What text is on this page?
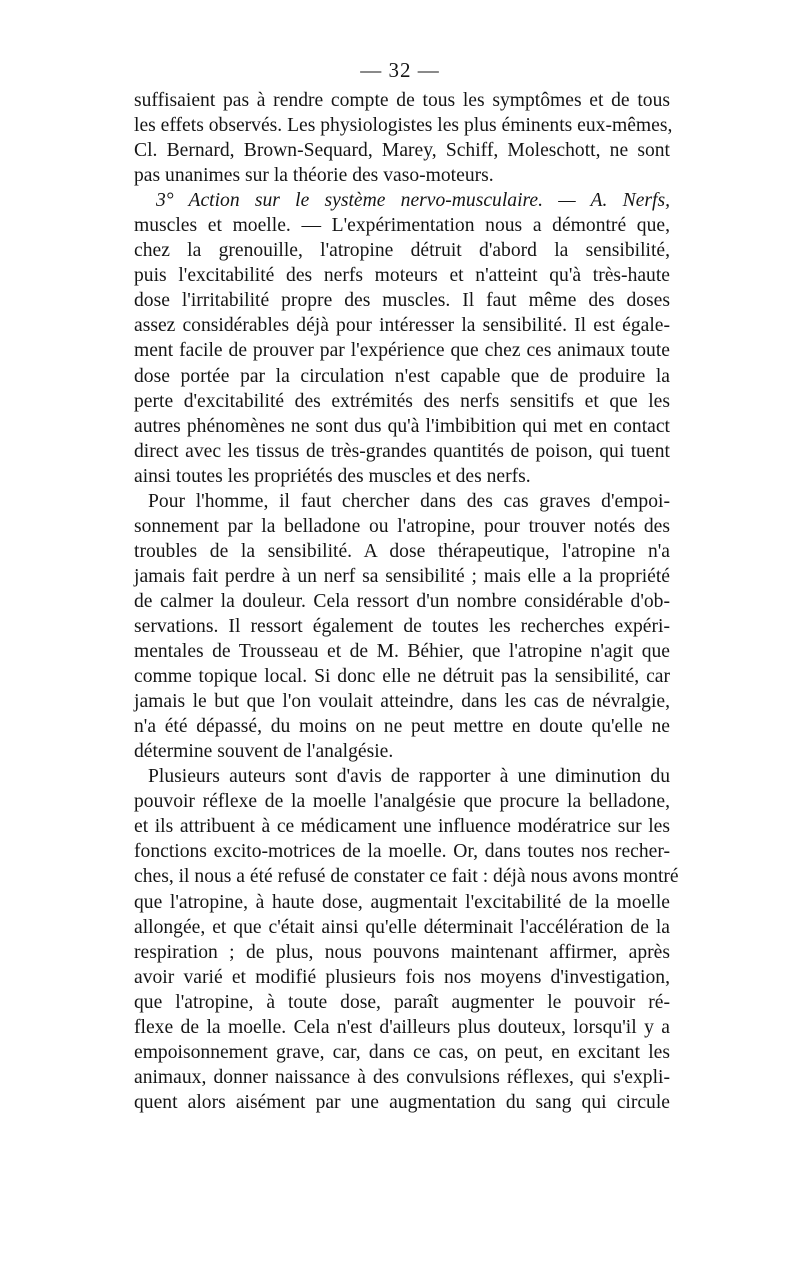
— 32 —
suffisaient pas à rendre compte de tous les symptômes et de tous
les effets observés. Les physiologistes les plus éminents eux-mêmes,
Cl. Bernard, Brown-Sequard, Marey, Schiff, Moleschott, ne sont
pas unanimes sur la théorie des vaso-moteurs.
3° Action sur le système nervo-musculaire. — A. Nerfs,
muscles et moelle. — L'expérimentation nous a démontré que,
chez la grenouille, l'atropine détruit d'abord la sensibilité,
puis l'excitabilité des nerfs moteurs et n'atteint qu'à très-haute
dose l'irritabilité propre des muscles. Il faut même des doses
assez considérables déjà pour intéresser la sensibilité. Il est égale-
ment facile de prouver par l'expérience que chez ces animaux toute
dose portée par la circulation n'est capable que de produire la
perte d'excitabilité des extrémités des nerfs sensitifs et que les
autres phénomènes ne sont dus qu'à l'imbibition qui met en contact
direct avec les tissus de très-grandes quantités de poison, qui tuent
ainsi toutes les propriétés des muscles et des nerfs.
Pour l'homme, il faut chercher dans des cas graves d'empoi-
sonnement par la belladone ou l'atropine, pour trouver notés des
troubles de la sensibilité. A dose thérapeutique, l'atropine n'a
jamais fait perdre à un nerf sa sensibilité ; mais elle a la propriété
de calmer la douleur. Cela ressort d'un nombre considérable d'ob-
servations. Il ressort également de toutes les recherches expéri-
mentales de Trousseau et de M. Béhier, que l'atropine n'agit que
comme topique local. Si donc elle ne détruit pas la sensibilité, car
jamais le but que l'on voulait atteindre, dans les cas de névralgie,
n'a été dépassé, du moins on ne peut mettre en doute qu'elle ne
détermine souvent de l'analgésie.
Plusieurs auteurs sont d'avis de rapporter à une diminution du
pouvoir réflexe de la moelle l'analgésie que procure la belladone,
et ils attribuent à ce médicament une influence modératrice sur les
fonctions excito-motrices de la moelle. Or, dans toutes nos recher-
ches, il nous a été refusé de constater ce fait : déjà nous avons montré
que l'atropine, à haute dose, augmentait l'excitabilité de la moelle
allongée, et que c'était ainsi qu'elle déterminait l'accélération de la
respiration ; de plus, nous pouvons maintenant affirmer, après
avoir varié et modifié plusieurs fois nos moyens d'investigation,
que l'atropine, à toute dose, paraît augmenter le pouvoir ré-
flexe de la moelle. Cela n'est d'ailleurs plus douteux, lorsqu'il y a
empoisonnement grave, car, dans ce cas, on peut, en excitant les
animaux, donner naissance à des convulsions réflexes, qui s'expli-
quent alors aisément par une augmentation du sang qui circule
